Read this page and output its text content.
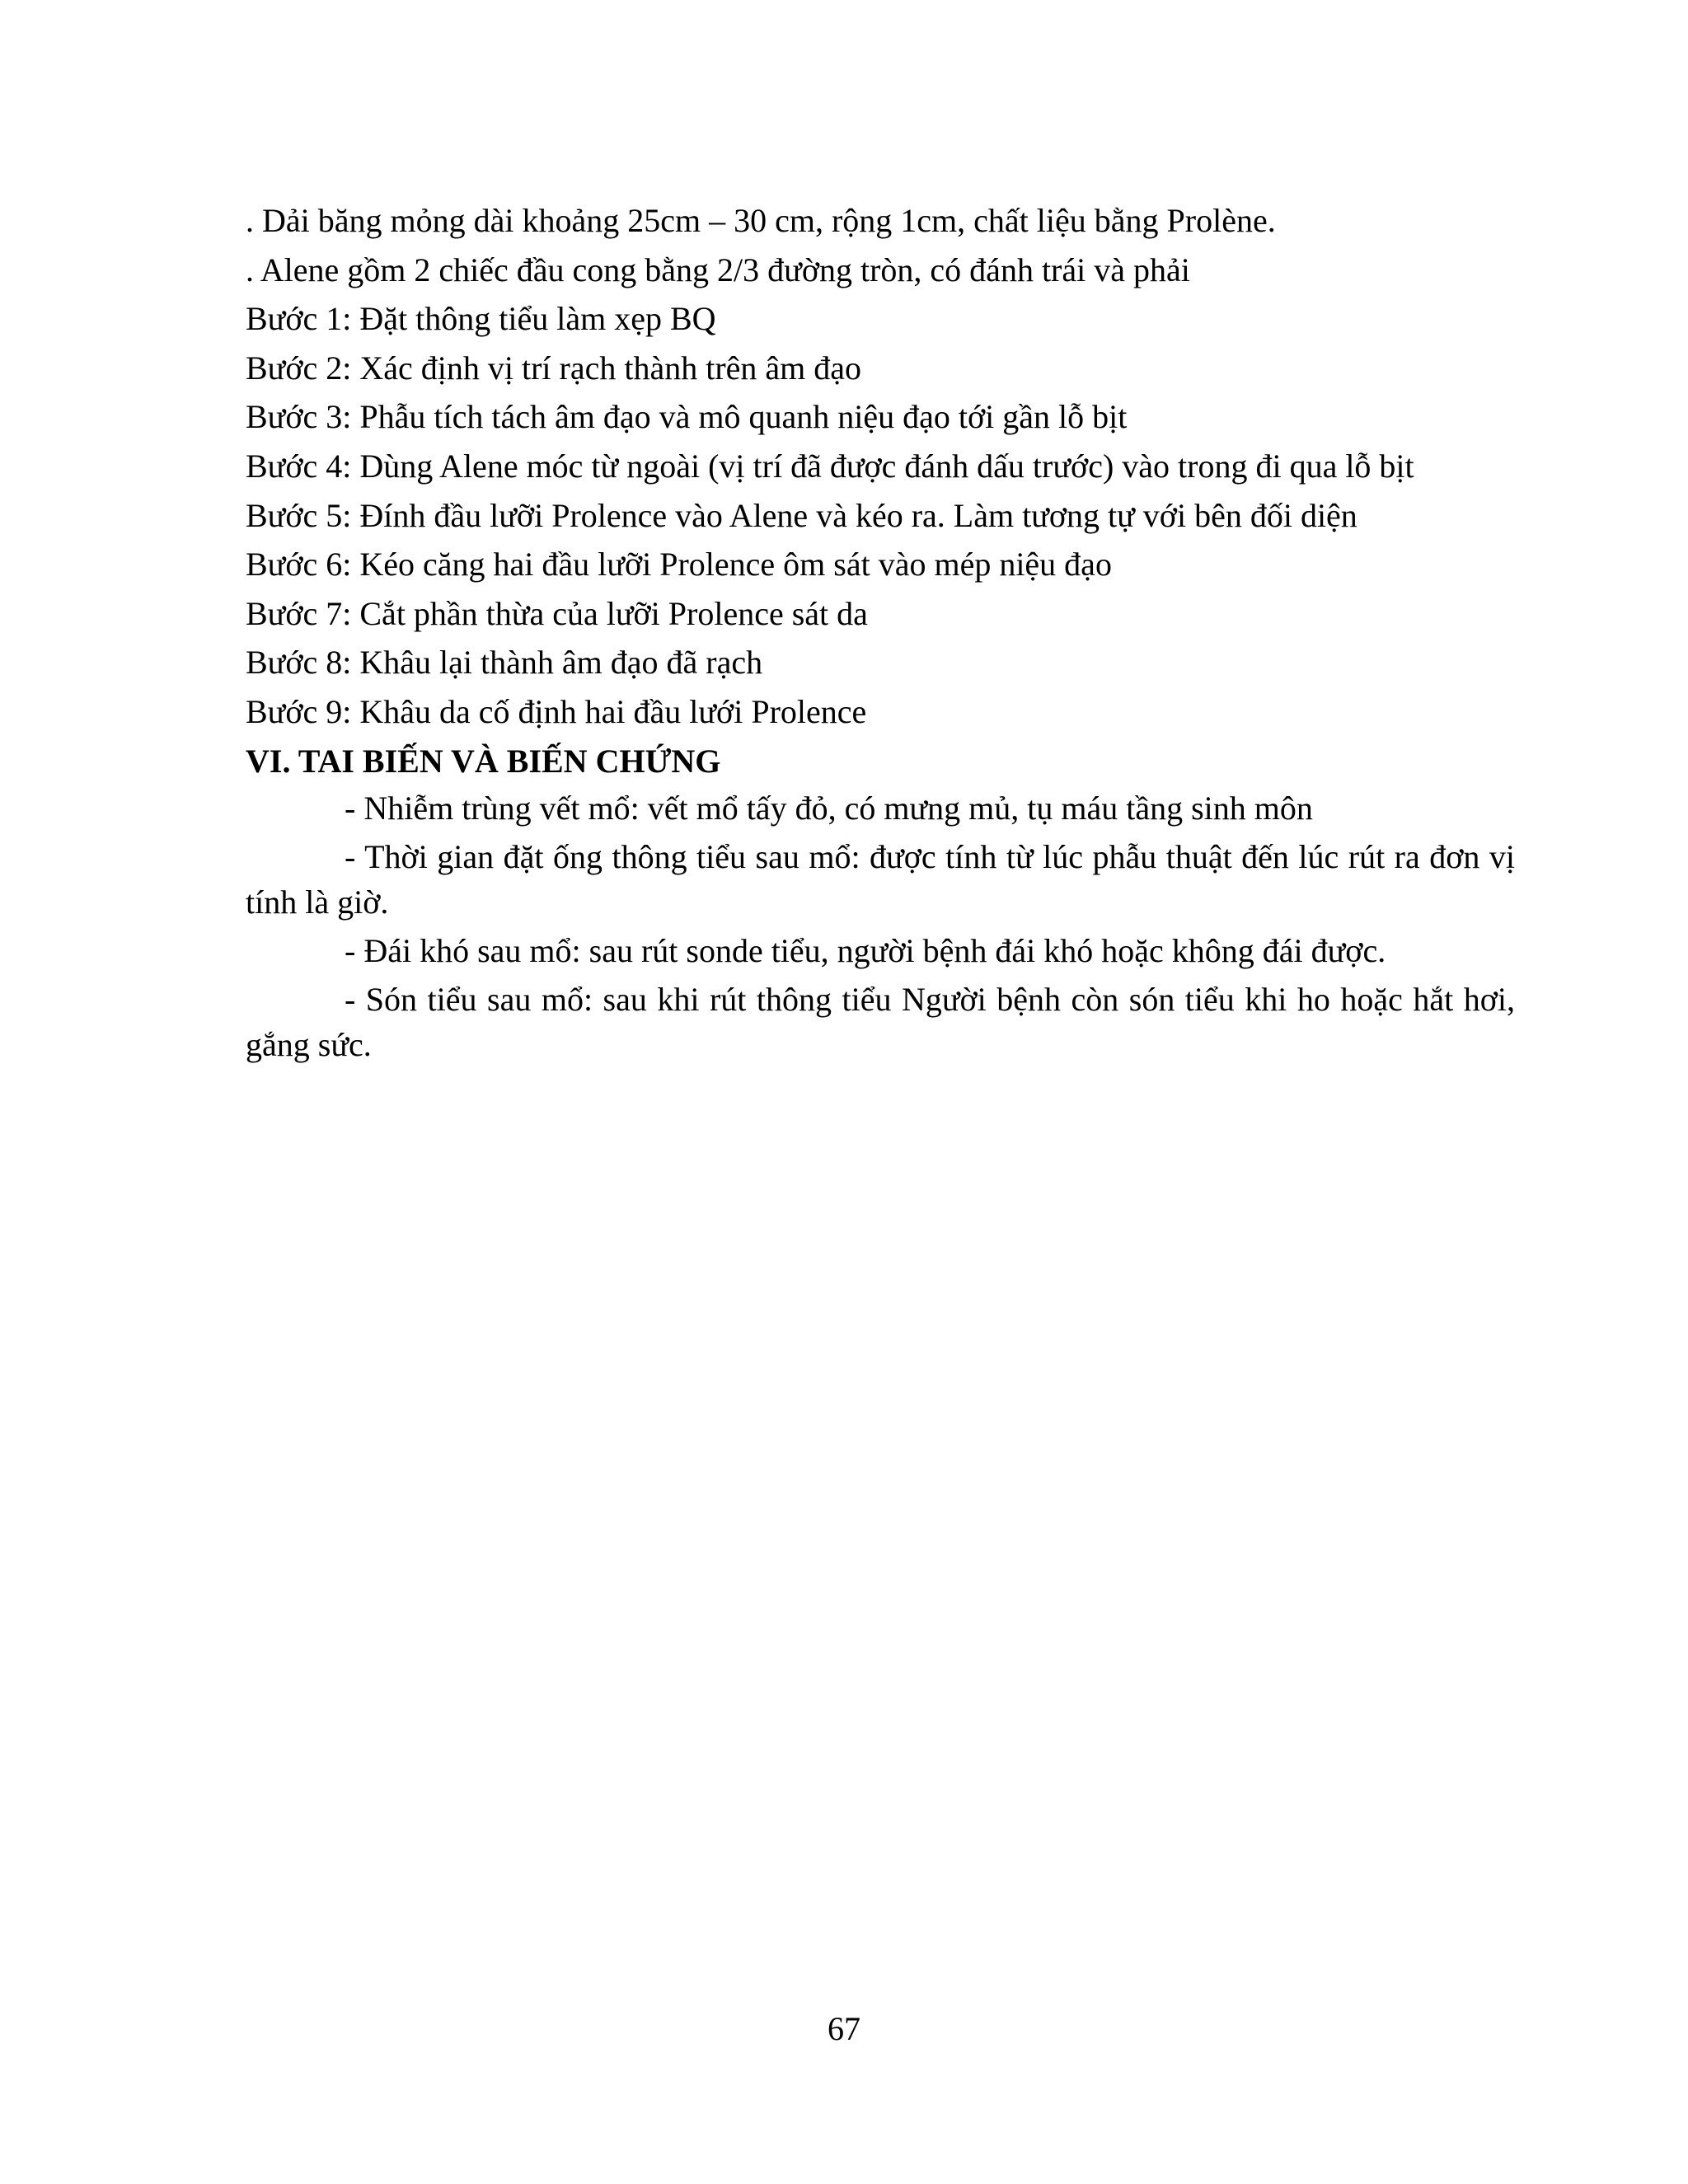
. Dải băng mỏng dài khoảng 25cm – 30 cm, rộng 1cm, chất liệu bằng Prolène.

. Alene gồm 2 chiếc đầu cong bằng 2/3 đường tròn, có đánh trái và phải

Bước 1: Đặt thông tiểu làm xẹp BQ

Bước 2: Xác định vị trí rạch thành trên âm đạo

Bước 3: Phẫu tích tách âm đạo và mô quanh niệu đạo tới gần lỗ bịt

Bước 4: Dùng Alene móc từ ngoài (vị trí đã được đánh dấu trước) vào trong đi qua lỗ bịt

Bước 5: Đính đầu lưỡi Prolence vào Alene và kéo ra. Làm tương tự với bên đối diện

Bước 6: Kéo căng hai đầu lưỡi Prolence ôm sát vào mép niệu đạo

Bước 7: Cắt phần thừa của lưỡi Prolence sát da

Bước 8: Khâu lại thành âm đạo đã rạch

Bước 9: Khâu da cố định hai đầu lưới Prolence

VI. TAI BIẾN VÀ BIẾN CHỨNG

- Nhiễm trùng vết mổ: vết mổ tấy đỏ, có mưng mủ, tụ máu tầng sinh môn

- Thời gian đặt ống thông tiểu sau mổ: được tính từ lúc phẫu thuật đến lúc rút ra đơn vị tính là giờ.

- Đái khó sau mổ: sau rút sonde tiểu, người bệnh đái khó hoặc không đái được.

- Són tiểu sau mổ: sau khi rút thông tiểu Người bệnh còn són tiểu khi ho hoặc hắt hơi, gắng sức.

67
